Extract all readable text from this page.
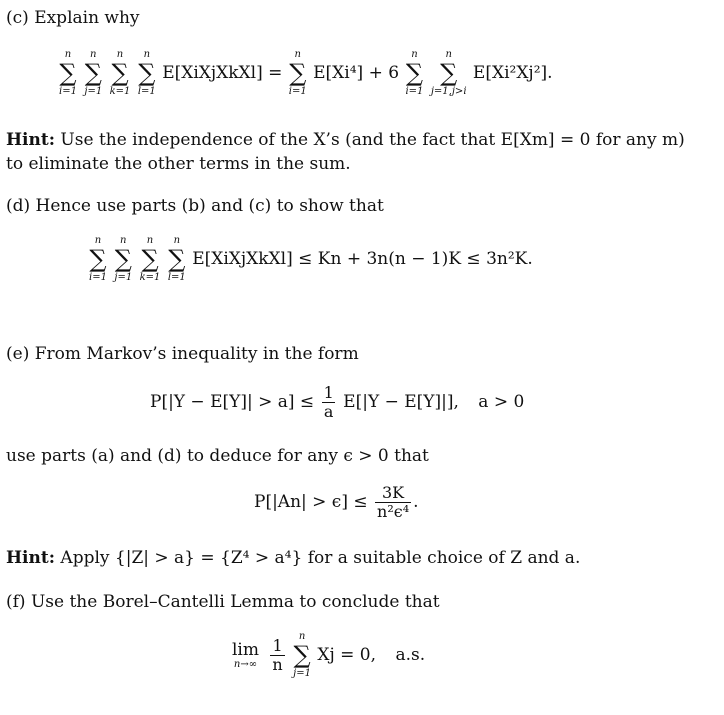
(c) Explain why
n
∑
i=1

n
∑
j=1

n
∑
k=1

n
∑
l=1
E[XiXjXkXl] =
n
∑
i=1
E[Xi⁴] + 6
n
∑
i=1

n
∑
j=1,j>i
E[Xi²Xj²].
Hint: Use the independence of the X’s (and the fact that E[Xm] = 0 for any m) to eliminate the other terms in the sum.
(d) Hence use parts (b) and (c) to show that
n
∑
i=1

n
∑
j=1

n
∑
k=1

n
∑
l=1
E[XiXjXkXl] ≤ Kn + 3n(n − 1)K ≤ 3n²K.
(e) From Markov’s inequality in the form
$P[|Y - E[Y]| > a] \le \frac{1}{a} E[|Y - E[Y]|]$, a > 0
use parts (a) and (d) to deduce for any ϵ > 0 that
$P[|An| > \epsilon] \le \frac{3K}{\text{n²ϵ⁴}}$ .
Hint: Apply {|Z| > a} = {Z⁴ > a⁴} for a suitable choice of Z and a.
(f) Use the Borel–Cantelli Lemma to conclude that
lim
n→∞
$\frac{1}{n}$

n
∑
j=1
Xj = 0, a.s.
